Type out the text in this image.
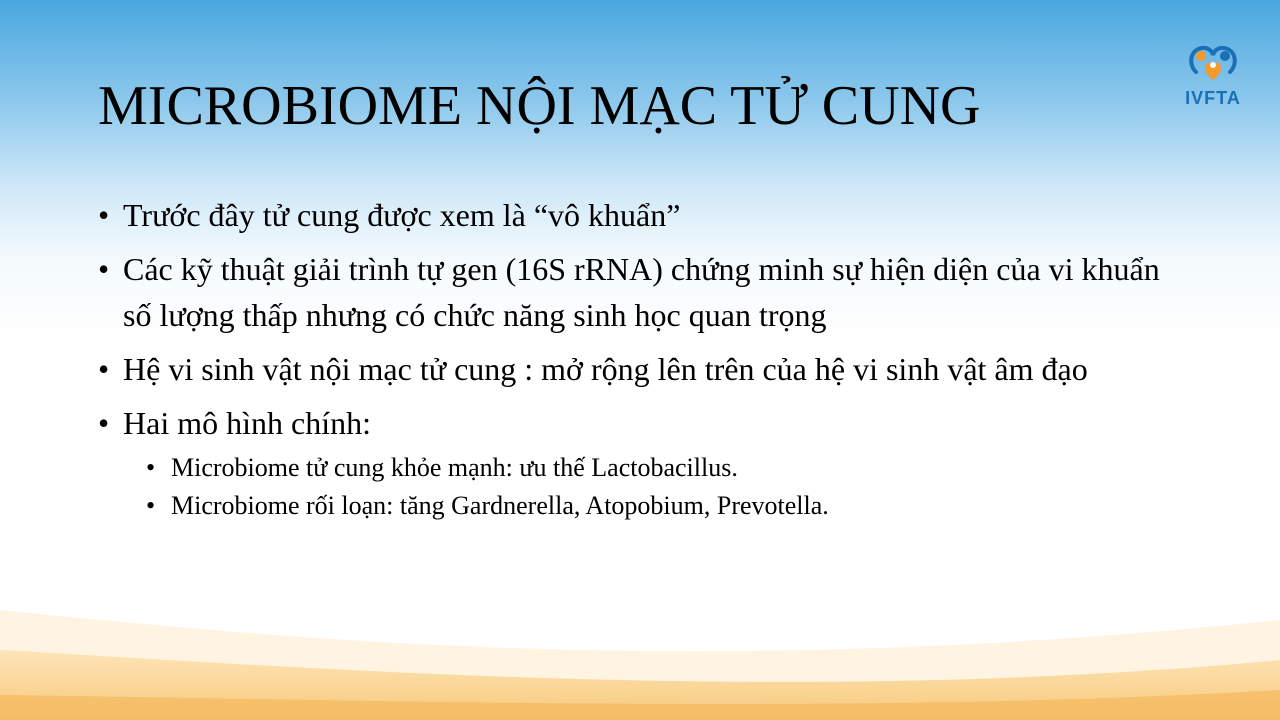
IVFTA
MICROBIOME NỘI MẠC TỬ CUNG
• Trước đây tử cung được xem là “vô khuẩn”
• Các kỹ thuật giải trình tự gen (16S rRNA) chứng minh sự hiện diện của vi khuẩn số lượng thấp nhưng có chức năng sinh học quan trọng
• Hệ vi sinh vật nội mạc tử cung : mở rộng lên trên của hệ vi sinh vật âm đạo
• Hai mô hình chính:
• Microbiome tử cung khỏe mạnh: ưu thế Lactobacillus.
• Microbiome rối loạn: tăng Gardnerella, Atopobium, Prevotella.
